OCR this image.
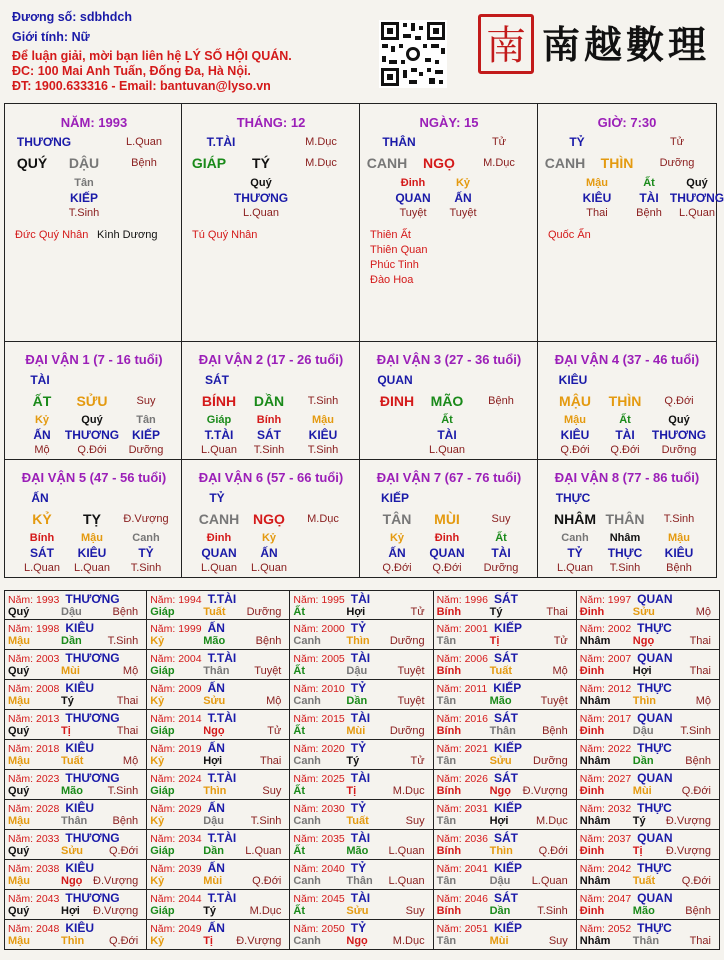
Đương số: sdbhdch
Giới tính: Nữ
Để luận giải, mời bạn liên hệ LÝ SỐ HỘI QUÁN.
ĐC: 100 Mai Anh Tuấn, Đống Đa, Hà Nội.
ĐT: 1900.633316 - Email: bantuvan@lyso.vn
南 南越數理
NĂM: 1993
THƯƠNG	L.Quan
QUÝ DẬU	Bệnh
Tân
KIẾP
T.Sinh
Đức Quý Nhân Kình Dương
THÁNG: 12
T.TÀI	M.Dục
GIÁP TÝ	M.Dục
Quý
THƯƠNG
L.Quan
Tú Quý Nhân
NGÀY: 15
THÂN	Tử
CANH NGỌ	M.Dục
Đinh
QUAN
Tuyệt
Kỷ
ẤN
Tuyệt
Thiên Ất
Thiên Quan
Phúc Tinh
Đào Hoa
GIỜ: 7:30
TỶ	Tử
CANH THÌN Dưỡng
Mậu
KIÊU
Thai
Ất
TÀI
Bệnh
Quý
THƯƠNG
L.Quan
Quốc Ấn
ĐẠI VẬN 1 (7 - 16 tuổi)
TÀI
ẤT SỬU	Suy
Kỷ
ẤN
Mộ
Quý
THƯƠNG
Q.Đới
Tân
KIẾP
Dưỡng
ĐẠI VẬN 2 (17 - 26 tuổi)
SÁT
BÍNH DẦN T.Sinh
Giáp
T.TÀI
L.Quan
Bính
SÁT
T.Sinh
Mậu
KIÊU
T.Sinh
ĐẠI VẬN 3 (27 - 36 tuổi)
QUAN
ĐINH MÃO Bệnh
Ất
TÀI
L.Quan
ĐẠI VẬN 4 (37 - 46 tuổi)
KIÊU
MẬU THÌN Q.Đới
Mậu
KIÊU
Q.Đới
Ất
TÀI
Q.Đới
Quý
THƯƠNG
Dưỡng
ĐẠI VẬN 5 (47 - 56 tuổi)
ẤN
KỶ TỴ Đ.Vượng
Bính
SÁT
L.Quan
Mậu
KIÊU
L.Quan
Canh
TỶ
T.Sinh
ĐẠI VẬN 6 (57 - 66 tuổi)
TỶ
CANH NGỌ M.Dục
Đinh
QUAN
L.Quan
Kỷ
ẤN
L.Quan
ĐẠI VẬN 7 (67 - 76 tuổi)
KIẾP
TÂN MÙI	Suy
Kỷ
ẤN
Q.Đới
Đinh
QUAN
Q.Đới
Ất
TÀI
Dưỡng
ĐẠI VẬN 8 (77 - 86 tuổi)
THỰC
NHÂM THÂN T.Sinh
Canh
TỶ
L.Quan
Nhâm
THỰC
T.Sinh
Mậu
KIÊU
Bệnh
Năm: 1993 THƯƠNG
Quý	Dậu	Bệnh
Năm: 1994 T.TÀI
Giáp	Tuất Dưỡng
Năm: 1995 TÀI
Ất	Hợi	Tử
Năm: 1996 SÁT
Bính	Tý	Thai
Năm: 1997 QUAN
Đinh	Sửu	Mộ
Năm: 1998 KIÊU
Mậu	Dần T.Sinh
Năm: 1999 ẤN
Kỷ	Mão	Bệnh
Năm: 2000 TỶ
Canh Thìn Dưỡng
Năm: 2001 KIẾP
Tân	Tị	Tử
Năm: 2002 THỰC
Nhâm Ngọ	Thai
Năm: 2003 THƯƠNG
Quý	Mùi	Mộ
Năm: 2004 T.TÀI
Giáp	Thân Tuyệt
Năm: 2005 TÀI
Ất	Dậu	Tuyệt
Năm: 2006 SÁT
Bính	Tuất	Mộ
Năm: 2007 QUAN
Đinh	Hợi	Thai
Năm: 2008 KIÊU
Mậu	Tý	Thai
Năm: 2009 ẤN
Kỷ	Sửu	Mộ
Năm: 2010 TỶ
Canh Dần	Tuyệt
Năm: 2011 KIẾP
Tân	Mão	Tuyệt
Năm: 2012 THỰC
Nhâm Thìn	Mộ
Năm: 2013 THƯƠNG
Quý	Tị	Thai
Năm: 2014 T.TÀI
Giáp	Ngọ	Tử
Năm: 2015 TÀI
Ất	Mùi Dưỡng
Năm: 2016 SÁT
Bính	Thân Bệnh
Năm: 2017 QUAN
Đinh	Dậu T.Sinh
Năm: 2018 KIÊU
Mậu	Tuất	Mộ
Năm: 2019 ẤN
Kỷ	Hợi	Thai
Năm: 2020 TỶ
Canh Tý	Tử
Năm: 2021 KIẾP
Tân	Sửu Dưỡng
Năm: 2022 THỰC
Nhâm Dần	Bệnh
Năm: 2023 THƯƠNG
Quý	Mão T.Sinh
Năm: 2024 T.TÀI
Giáp	Thìn	Suy
Năm: 2025 TÀI
Ất	Tị	M.Dục
Năm: 2026 SÁT
Bính	Ngọ Đ.Vượng
Năm: 2027 QUAN
Đinh	Mùi	Q.Đới
Năm: 2028 KIÊU
Mậu	Thân Bệnh
Năm: 2029 ẤN
Kỷ	Dậu T.Sinh
Năm: 2030 TỶ
Canh Tuất	Suy
Năm: 2031 KIẾP
Tân	Hợi	M.Dục
Năm: 2032 THỰC
Nhâm Tý Đ.Vượng
Năm: 2033 THƯƠNG
Quý	Sửu Q.Đới
Năm: 2034 T.TÀI
Giáp	Dần L.Quan
Năm: 2035 TÀI
Ất	Mão L.Quan
Năm: 2036 SÁT
Bính	Thìn Q.Đới
Năm: 2037 QUAN
Đinh	Tị Đ.Vượng
Năm: 2038 KIÊU
Mậu	Ngọ Đ.Vượng
Năm: 2039 ẤN
Kỷ	Mùi	Q.Đới
Năm: 2040 TỶ
Canh Thân L.Quan
Năm: 2041 KIẾP
Tân	Dậu L.Quan
Năm: 2042 THỰC
Nhâm Tuất Q.Đới
Năm: 2043 THƯƠNG
Quý	Hợi Đ.Vượng
Năm: 2044 T.TÀI
Giáp	Tý	M.Dục
Năm: 2045 TÀI
Ất	Sửu	Suy
Năm: 2046 SÁT
Bính	Dần T.Sinh
Năm: 2047 QUAN
Đinh	Mão	Bệnh
Năm: 2048 KIÊU
Mậu	Thìn Q.Đới
Năm: 2049 ẤN
Kỷ	Tị Đ.Vượng
Năm: 2050 TỶ
Canh Ngọ M.Dục
Năm: 2051 KIẾP
Tân	Mùi	Suy
Năm: 2052 THỰC
Nhâm Thân	Thai
